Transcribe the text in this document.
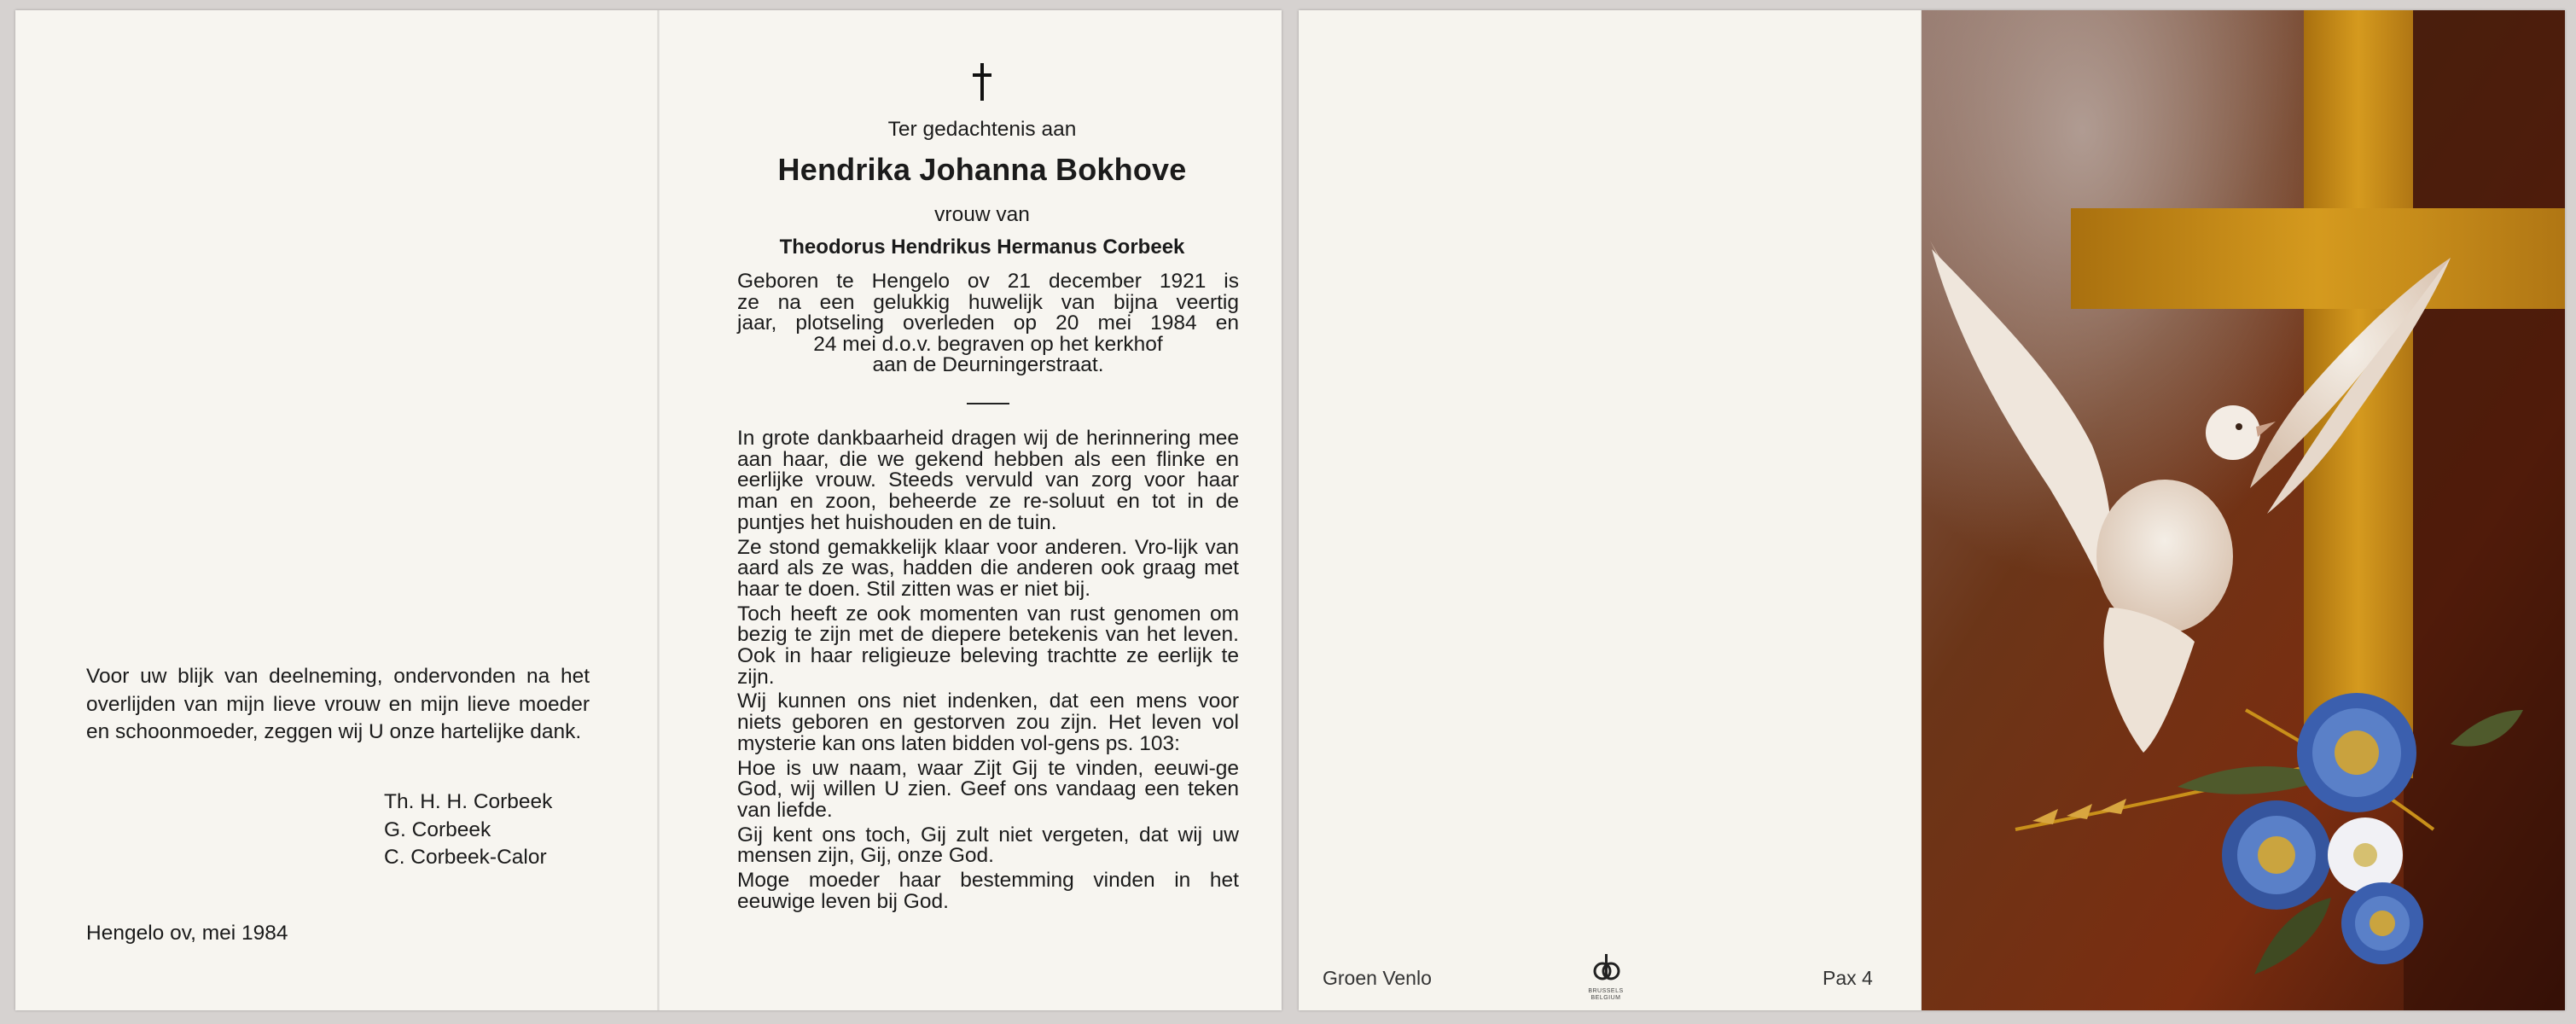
Voor uw blijk van deelneming, ondervonden na het overlijden van mijn lieve vrouw en mijn lieve moeder en schoonmoeder, zeggen wij U onze hartelijke dank.
Th. H. H. Corbeek
G. Corbeek
C. Corbeek-Calor
Hengelo ov, mei 1984
Ter gedachtenis aan
Hendrika Johanna Bokhove
vrouw van
Theodorus Hendrikus Hermanus Corbeek
Geboren te Hengelo ov 21 december 1921 is
ze na een gelukkig huwelijk van bijna veertig
jaar, plotseling overleden op 20 mei 1984 en
24 mei d.o.v. begraven op het kerkhof
aan de Deurningerstraat.

In grote dankbaarheid dragen wij de herinnering mee aan haar, die we gekend hebben als een flinke en eerlijke vrouw. Steeds vervuld van zorg voor haar man en zoon, beheerde ze re-soluut en tot in de puntjes het huishouden en de tuin.

Ze stond gemakkelijk klaar voor anderen. Vro-lijk van aard als ze was, hadden die anderen ook graag met haar te doen. Stil zitten was er niet bij.

Toch heeft ze ook momenten van rust genomen om bezig te zijn met de diepere betekenis van het leven. Ook in haar religieuze beleving trachtte ze eerlijk te zijn.

Wij kunnen ons niet indenken, dat een mens voor niets geboren en gestorven zou zijn. Het leven vol mysterie kan ons laten bidden vol-gens ps. 103:

Hoe is uw naam, waar Zijt Gij te vinden, eeuwi-ge God, wij willen U zien. Geef ons vandaag een teken van liefde.

Gij kent ons toch, Gij zult niet vergeten, dat wij uw mensen zijn, Gij, onze God.

Moge moeder haar bestemming vinden in het eeuwige leven bij God.

Groen Venlo
BRUSSELS
BELGIUM
Pax 4
